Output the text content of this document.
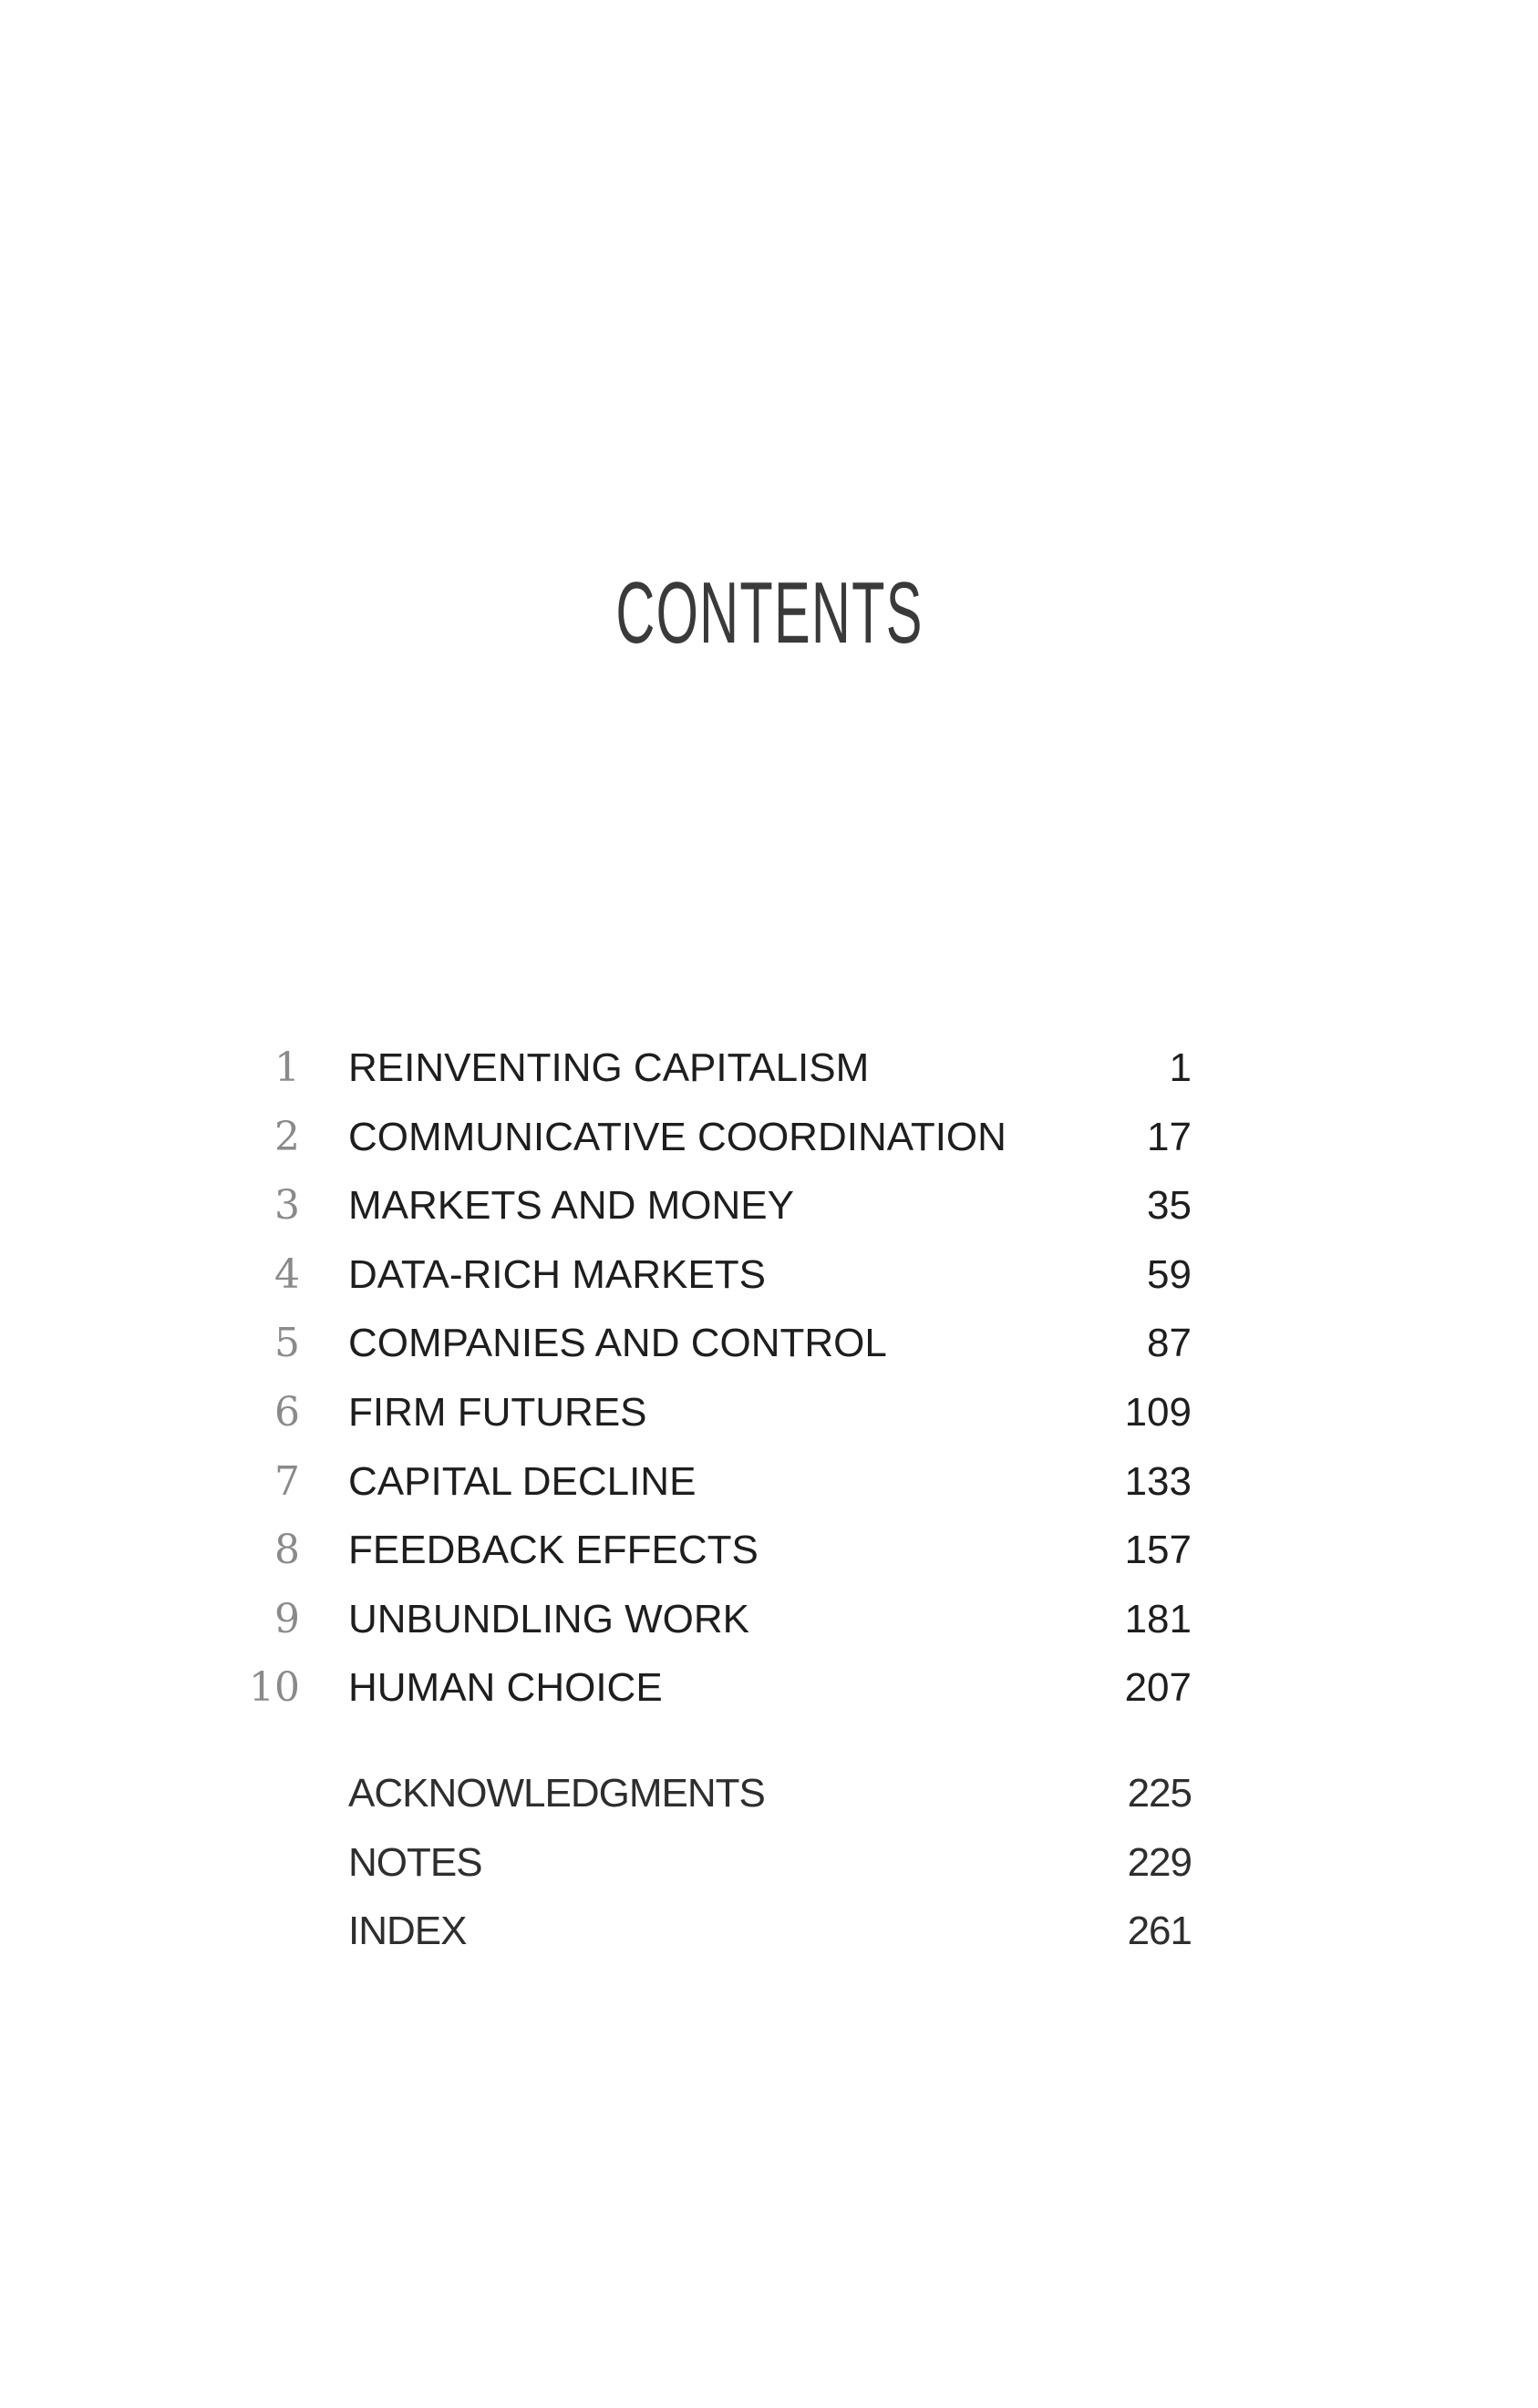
CONTENTS
1 REINVENTING CAPITALISM	1
2 COMMUNICATIVE COORDINATION	17
3 MARKETS AND MONEY	35
4 DATA-RICH MARKETS	59
5 COMPANIES AND CONTROL	87
6 FIRM FUTURES	109
7 CAPITAL DECLINE	133
8 FEEDBACK EFFECTS	157
9 UNBUNDLING WORK	181
10 HUMAN CHOICE	207
ACKNOWLEDGMENTS	225
NOTES	229
INDEX	261
